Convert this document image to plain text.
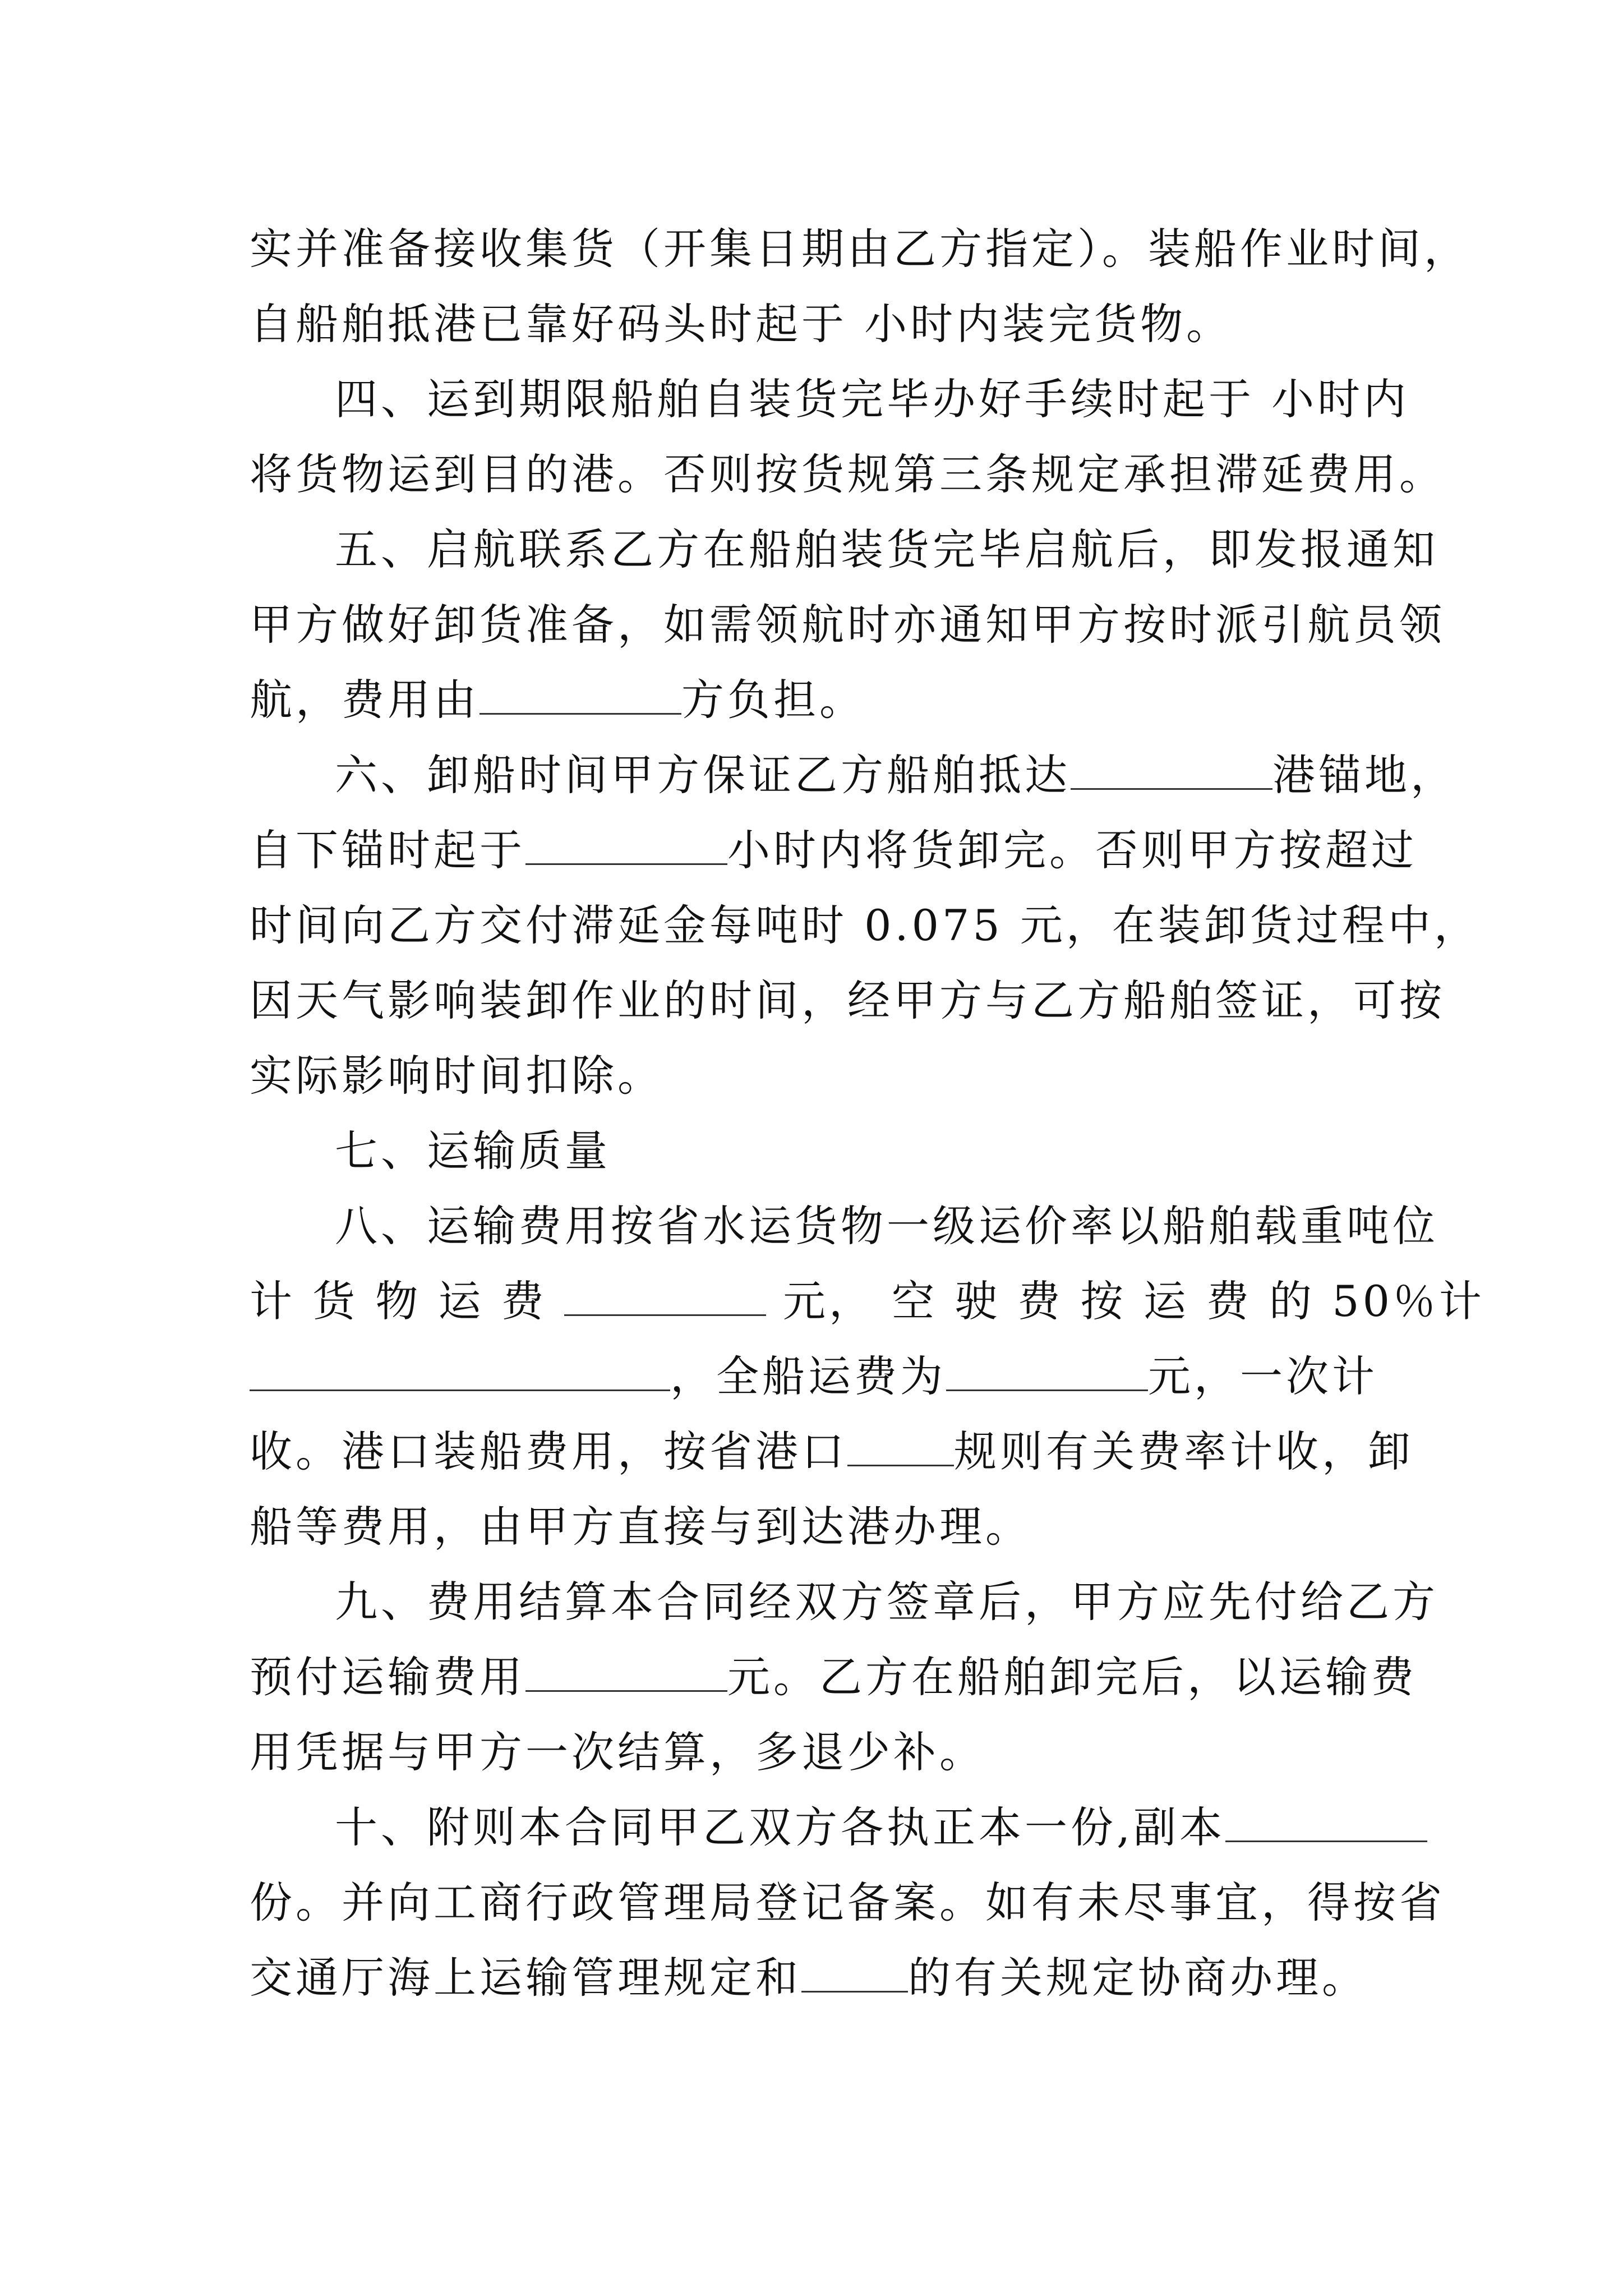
实并准备接收集货（开集日期由乙方指定）。装船作业时间，
自船舶抵港已靠好码头时起于 小时内装完货物。
四、运到期限船舶自装货完毕办好手续时起于 小时内
将货物运到目的港。否则按货规第三条规定承担滞延费用。
五、启航联系乙方在船舶装货完毕启航后，即发报通知
甲方做好卸货准备，如需领航时亦通知甲方按时派引航员领
航，费用由	方负担。
六、卸船时间甲方保证乙方船舶抵达	港锚地，
自下锚时起于	小时内将货卸完。否则甲方按超过
时间向乙方交付滞延金每吨时 0.075 元，在装卸货过程中，
因天气影响装卸作业的时间，经甲方与乙方船舶签证，可按
实际影响时间扣除。
七、运输质量
八、运输费用按省水运货物一级运价率以船舶载重吨位
计 货 物 运 费	元， 空 驶 费 按 运 费 的 50％计
，全船运费为	元，一次计
收。港口装船费用，按省港口	规则有关费率计收，卸
船等费用，由甲方直接与到达港办理。
九、费用结算本合同经双方签章后，甲方应先付给乙方
预付运输费用	元。乙方在船舶卸完后，以运输费
用凭据与甲方一次结算，多退少补。
十、附则本合同甲乙双方各执正本一份,副本
份。并向工商行政管理局登记备案。如有未尽事宜，得按省
交通厅海上运输管理规定和	的有关规定协商办理。
